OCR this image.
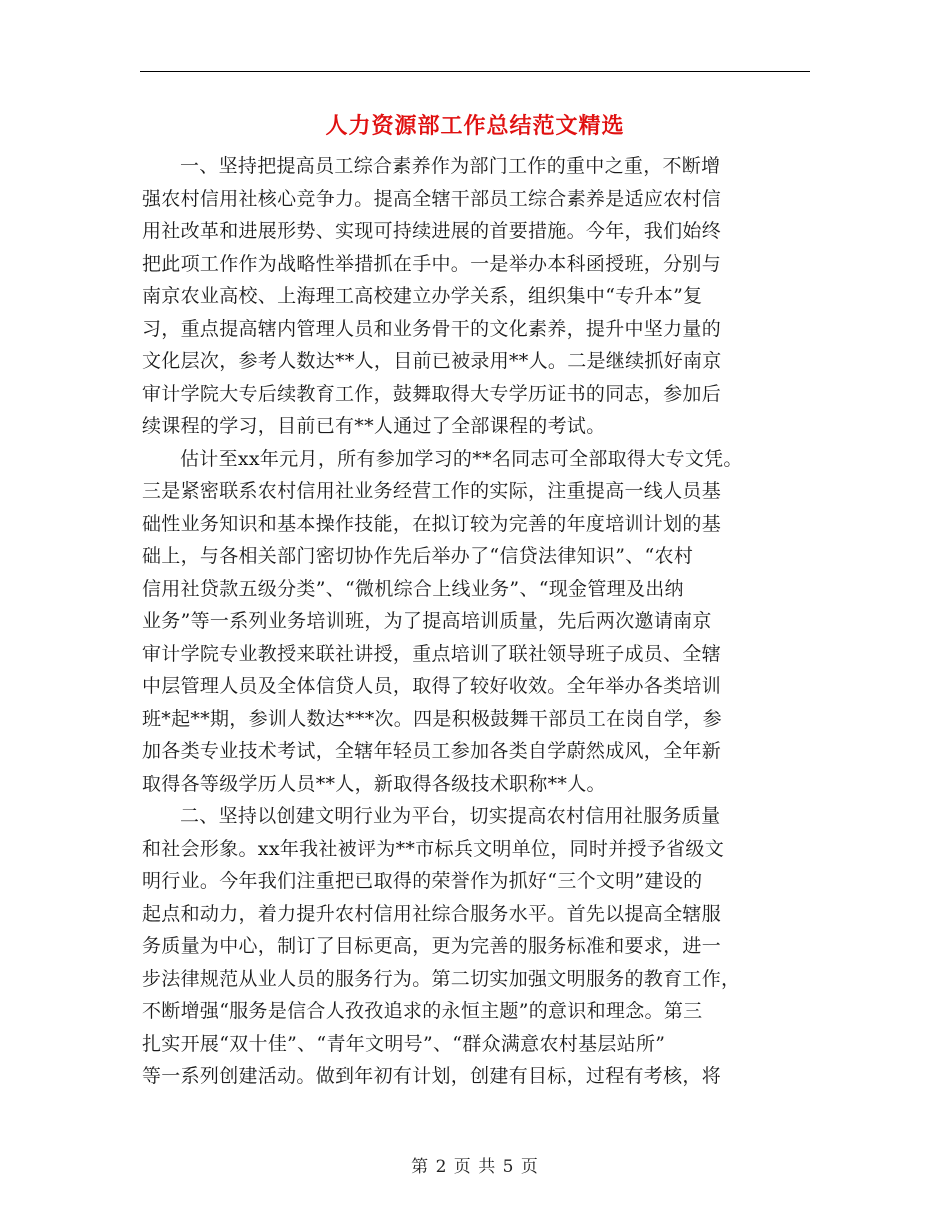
人力资源部工作总结范文精选
一、坚持把提高员工综合素养作为部门工作的重中之重，不断增
强农村信用社核心竞争力。提高全辖干部员工综合素养是适应农村信
用社改革和进展形势、实现可持续进展的首要措施。今年，我们始终
把此项工作作为战略性举措抓在手中。一是举办本科函授班，分别与
南京农业高校、上海理工高校建立办学关系，组织集中“专升本”复
习，重点提高辖内管理人员和业务骨干的文化素养，提升中坚力量的
文化层次，参考人数达**人，目前已被录用**人。二是继续抓好南京
审计学院大专后续教育工作，鼓舞取得大专学历证书的同志，参加后
续课程的学习，目前已有**人通过了全部课程的考试。
估计至xx年元月，所有参加学习的**名同志可全部取得大专文凭。
三是紧密联系农村信用社业务经营工作的实际，注重提高一线人员基
础性业务知识和基本操作技能，在拟订较为完善的年度培训计划的基
础上，与各相关部门密切协作先后举办了“信贷法律知识”、“农村
信用社贷款五级分类”、“微机综合上线业务”、“现金管理及出纳
业务”等一系列业务培训班，为了提高培训质量，先后两次邀请南京
审计学院专业教授来联社讲授，重点培训了联社领导班子成员、全辖
中层管理人员及全体信贷人员，取得了较好收效。全年举办各类培训
班*起**期，参训人数达***次。四是积极鼓舞干部员工在岗自学，参
加各类专业技术考试，全辖年轻员工参加各类自学蔚然成风，全年新
取得各等级学历人员**人，新取得各级技术职称**人。
二、坚持以创建文明行业为平台，切实提高农村信用社服务质量
和社会形象。xx年我社被评为**市标兵文明单位，同时并授予省级文
明行业。今年我们注重把已取得的荣誉作为抓好“三个文明”建设的
起点和动力，着力提升农村信用社综合服务水平。首先以提高全辖服
务质量为中心，制订了目标更高，更为完善的服务标准和要求，进一
步法律规范从业人员的服务行为。第二切实加强文明服务的教育工作，
不断增强“服务是信合人孜孜追求的永恒主题”的意识和理念。第三
扎实开展“双十佳”、“青年文明号”、“群众满意农村基层站所”
等一系列创建活动。做到年初有计划，创建有目标，过程有考核，将
第 2 页 共 5 页
